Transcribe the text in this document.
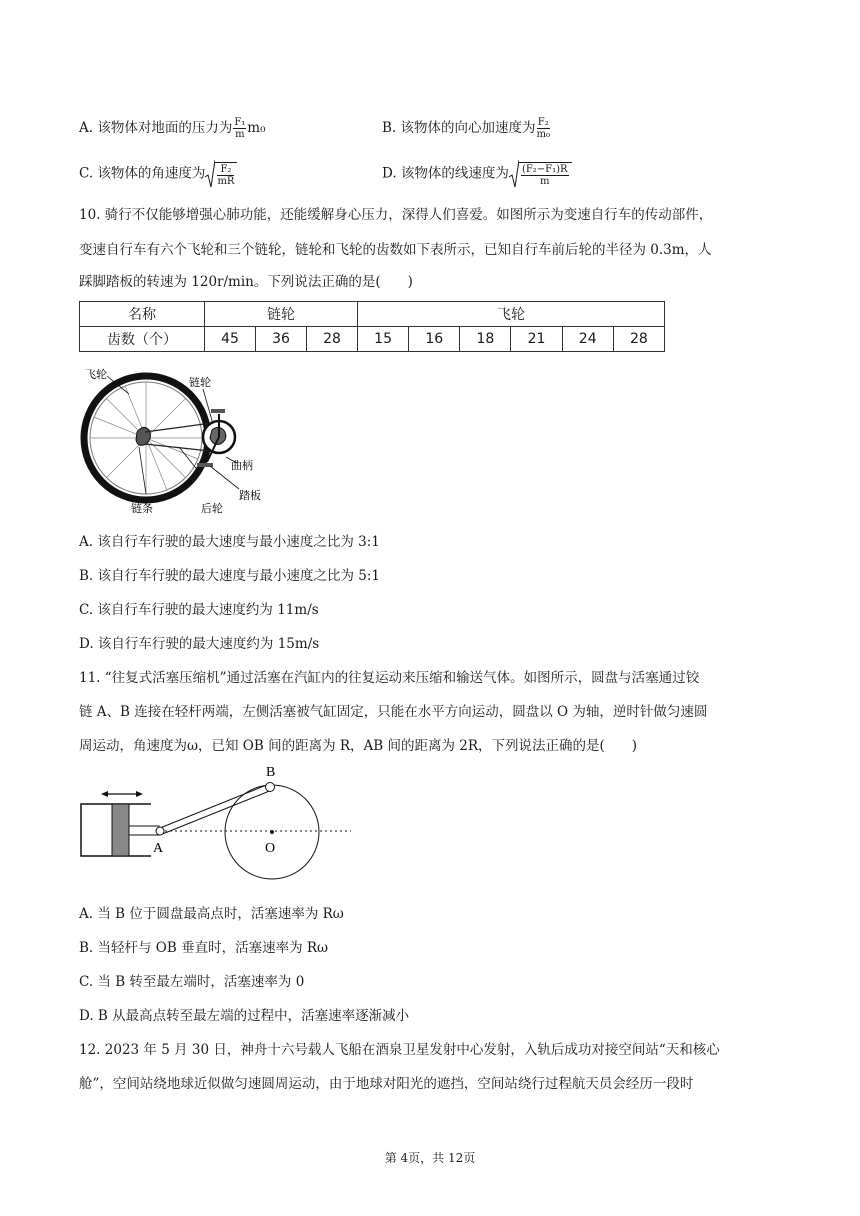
A. 该物体对地面的压力为 $\frac{\text{F₁}}{m} m_0$	B. 该物体的向心加速度为 $\frac{\text{F₂}}{\text{m₀}}$
C. 该物体的角速度为 $\frac{\text{F₂}}{mR}$	D. 该物体的线速度为 $\frac{\text{(F₂−F₁)R}}{m}$
10. 骑行不仅能够增强心肺功能，还能缓解身心压力，深得人们喜爱。如图所示为变速自行车的传动部件，
变速自行车有六个飞轮和三个链轮，链轮和飞轮的齿数如下表所示，已知自行车前后轮的半径为 0.3m，人
踩脚踏板的转速为 120r/min。下列说法正确的是(　　)
名称	链轮			飞轮					
齿数（个）	45	36	28	15	16	18	21	24	28
飞轮
链轮
曲柄
踏板
链条	后轮
A. 该自行车行驶的最大速度与最小速度之比为 3:1
B. 该自行车行驶的最大速度与最小速度之比为 5:1
C. 该自行车行驶的最大速度约为 11m/s
D. 该自行车行驶的最大速度约为 15m/s
11. “往复式活塞压缩机”通过活塞在汽缸内的往复运动来压缩和输送气体。如图所示，圆盘与活塞通过铰
链 A、B 连接在轻杆两端，左侧活塞被气缸固定，只能在水平方向运动，圆盘以 O 为轴，逆时针做匀速圆
周运动，角速度为ω，已知 OB 间的距离为 R，AB 间的距离为 2R，下列说法正确的是(　　)
A
B
O
A. 当 B 位于圆盘最高点时，活塞速率为 Rω
B. 当轻杆与 OB 垂直时，活塞速率为 Rω
C. 当 B 转至最左端时，活塞速率为 0
D. B 从最高点转至最左端的过程中，活塞速率逐渐减小
12. 2023 年 5 月 30 日，神舟十六号载人飞船在酒泉卫星发射中心发射，入轨后成功对接空间站“天和核心
舱”，空间站绕地球近似做匀速圆周运动，由于地球对阳光的遮挡，空间站绕行过程航天员会经历一段时
第 4页，共 12页
